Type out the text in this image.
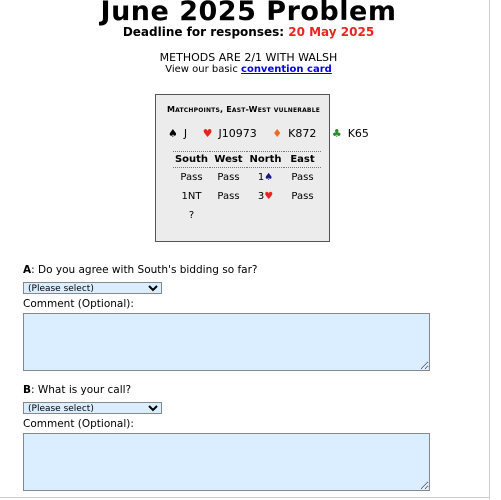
June 2025 Problem
Deadline for responses: 20 May 2025
METHODS ARE 2/1 WITH WALSH
View our basic convention card
Matchpoints, East-West vulnerable
♠ J ♥ J10973 ♦ K872 ♣ K65
South	West	North	East
Pass	Pass	1♠	Pass
1NT	Pass	3♥	Pass
?			
A: Do you agree with South's bidding so far?
(Please select)
Comment (Optional):
B: What is your call?
(Please select)
Comment (Optional):
